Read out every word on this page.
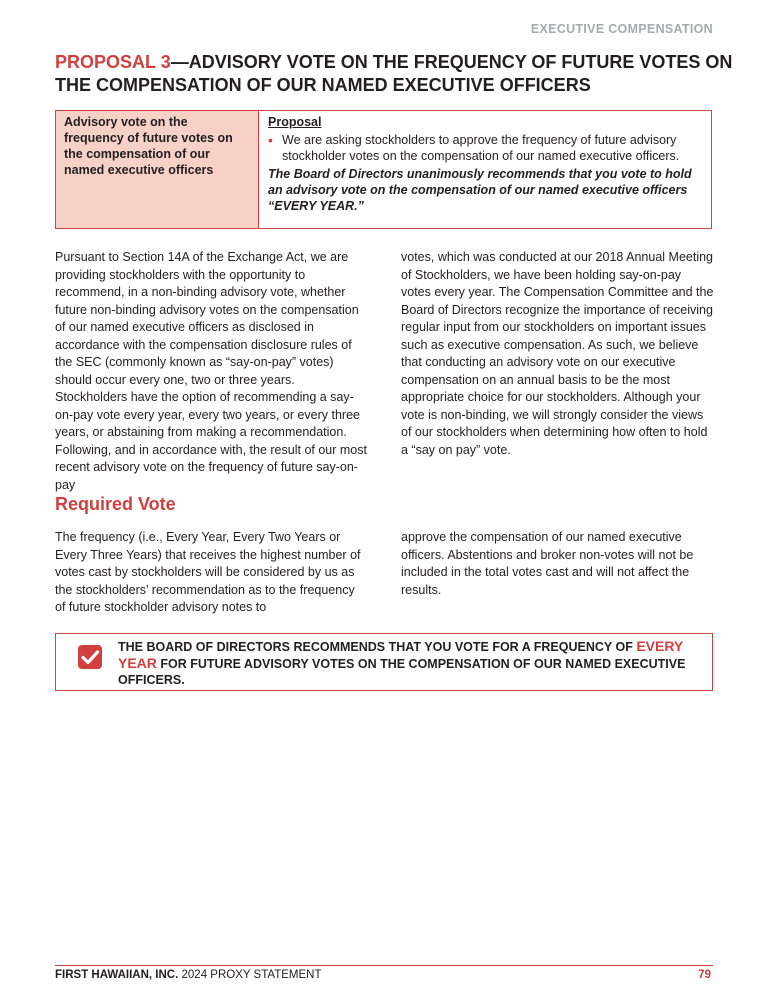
EXECUTIVE COMPENSATION
PROPOSAL 3—ADVISORY VOTE ON THE FREQUENCY OF FUTURE VOTES ON THE COMPENSATION OF OUR NAMED EXECUTIVE OFFICERS
Advisory vote on the frequency of future votes on the compensation of our named executive officers
Proposal
• We are asking stockholders to approve the frequency of future advisory stockholder votes on the compensation of our named executive officers.
The Board of Directors unanimously recommends that you vote to hold an advisory vote on the compensation of our named executive officers “EVERY YEAR.”

Pursuant to Section 14A of the Exchange Act, we are providing stockholders with the opportunity to recommend, in a non-binding advisory vote, whether future non-binding advisory votes on the compensation of our named executive officers as disclosed in accordance with the compensation disclosure rules of the SEC (commonly known as “say-on-pay” votes) should occur every one, two or three years. Stockholders have the option of recommending a say-on-pay vote every year, every two years, or every three years, or abstaining from making a recommendation. Following, and in accordance with, the result of our most recent advisory vote on the frequency of future say-on-pay

votes, which was conducted at our 2018 Annual Meeting of Stockholders, we have been holding say-on-pay votes every year. The Compensation Committee and the Board of Directors recognize the importance of receiving regular input from our stockholders on important issues such as executive compensation. As such, we believe that conducting an advisory vote on our executive compensation on an annual basis to be the most appropriate choice for our stockholders. Although your vote is non-binding, we will strongly consider the views of our stockholders when determining how often to hold a “say on pay” vote.

Required Vote

The frequency (i.e., Every Year, Every Two Years or Every Three Years) that receives the highest number of votes cast by stockholders will be considered by us as the stockholders’ recommendation as to the frequency of future stockholder advisory notes to

approve the compensation of our named executive officers. Abstentions and broker non-votes will not be included in the total votes cast and will not affect the results.

THE BOARD OF DIRECTORS RECOMMENDS THAT YOU VOTE FOR A FREQUENCY OF EVERY YEAR FOR FUTURE ADVISORY VOTES ON THE COMPENSATION OF OUR NAMED EXECUTIVE OFFICERS.

FIRST HAWAIIAN, INC. 2024 PROXY STATEMENT	79
